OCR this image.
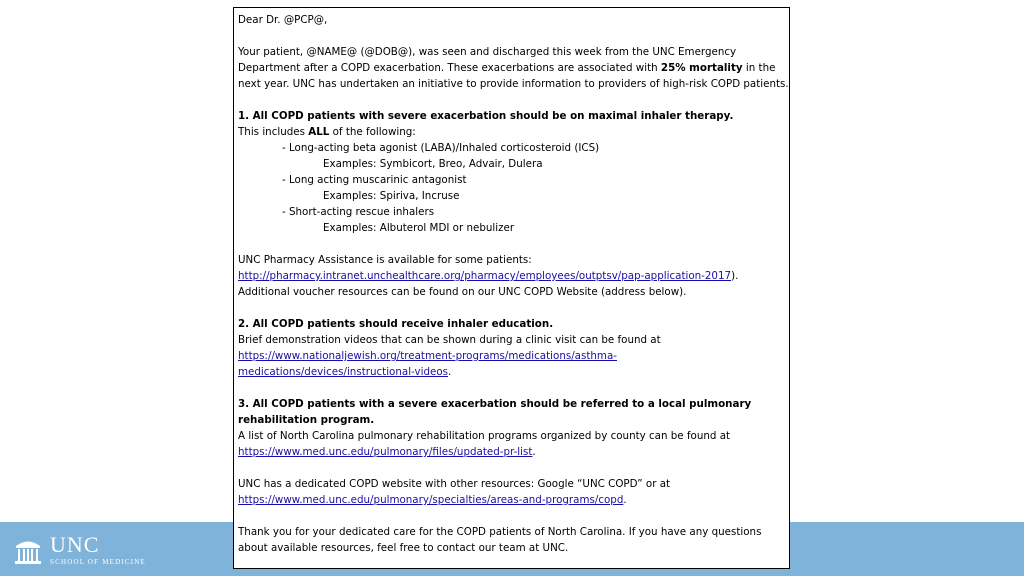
UNC
SCHOOL OF MEDICINE

Dear Dr. @PCP@,

Your patient, @NAME@ (@DOB@), was seen and discharged this week from the UNC Emergency Department after a COPD exacerbation. These exacerbations are associated with 25% mortality in the next year. UNC has undertaken an initiative to provide information to providers of high-risk COPD patients.

1. All COPD patients with severe exacerbation should be on maximal inhaler therapy.

This includes ALL of the following:

- Long-acting beta agonist (LABA)/Inhaled corticosteroid (ICS)

Examples: Symbicort, Breo, Advair, Dulera

- Long acting muscarinic antagonist

Examples: Spiriva, Incruse

- Short-acting rescue inhalers

Examples: Albuterol MDI or nebulizer

UNC Pharmacy Assistance is available for some patients:

http://pharmacy.intranet.unchealthcare.org/pharmacy/employees/outptsv/pap-application-2017).

Additional voucher resources can be found on our UNC COPD Website (address below).

2. All COPD patients should receive inhaler education.

Brief demonstration videos that can be shown during a clinic visit can be found at

https://www.nationaljewish.org/treatment-programs/medications/asthma-

medications/devices/instructional-videos.

3. All COPD patients with a severe exacerbation should be referred to a local pulmonary rehabilitation program.

A list of North Carolina pulmonary rehabilitation programs organized by county can be found at

https://www.med.unc.edu/pulmonary/files/updated-pr-list.

UNC has a dedicated COPD website with other resources: Google “UNC COPD” or at

https://www.med.unc.edu/pulmonary/specialties/areas-and-programs/copd.

Thank you for your dedicated care for the COPD patients of North Carolina. If you have any questions about available resources, feel free to contact our team at UNC.
